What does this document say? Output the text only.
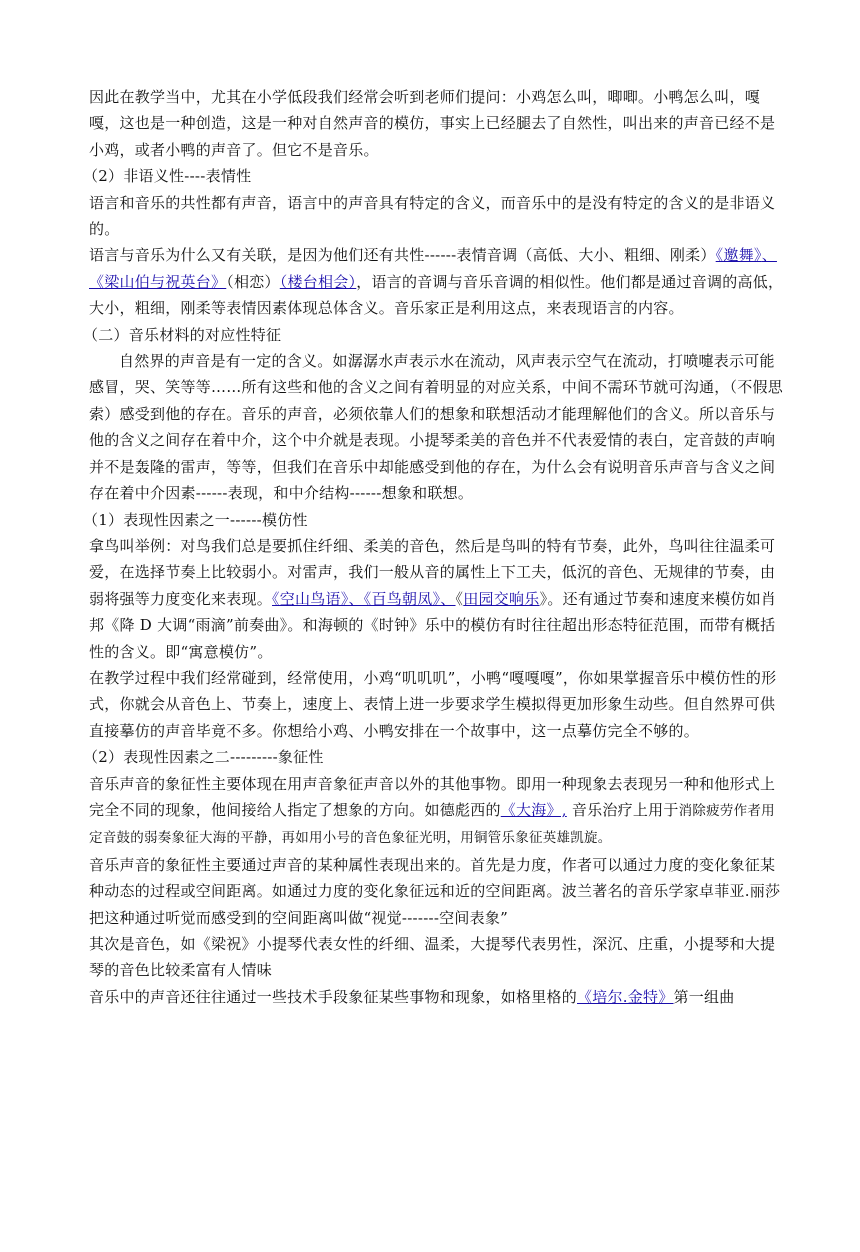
因此在教学当中，尤其在小学低段我们经常会听到老师们提问：小鸡怎么叫，唧唧。小鸭怎么叫，嘎嘎，这也是一种创造，这是一种对自然声音的模仿，事实上已经腿去了自然性，叫出来的声音已经不是小鸡，或者小鸭的声音了。但它不是音乐。

（2）非语义性----表情性

语言和音乐的共性都有声音，语言中的声音具有特定的含义，而音乐中的是没有特定的含义的是非语义的。

语言与音乐为什么又有关联，是因为他们还有共性------表情音调（高低、大小、粗细、刚柔）《邀舞》、《梁山伯与祝英台》（相恋）（楼台相会），语言的音调与音乐音调的相似性。他们都是通过音调的高低，大小，粗细，刚柔等表情因素体现总体含义。音乐家正是利用这点，来表现语言的内容。

（二）音乐材料的对应性特征

自然界的声音是有一定的含义。如潺潺水声表示水在流动，风声表示空气在流动，打喷嚏表示可能感冒，哭、笑等等……所有这些和他的含义之间有着明显的对应关系，中间不需环节就可沟通，（不假思索）感受到他的存在。音乐的声音，必须依靠人们的想象和联想活动才能理解他们的含义。所以音乐与他的含义之间存在着中介，这个中介就是表现。小提琴柔美的音色并不代表爱情的表白，定音鼓的声响并不是轰隆的雷声，等等，但我们在音乐中却能感受到他的存在，为什么会有说明音乐声音与含义之间存在着中介因素------表现，和中介结构------想象和联想。

（1）表现性因素之一------模仿性

拿鸟叫举例：对鸟我们总是要抓住纤细、柔美的音色，然后是鸟叫的特有节奏，此外，鸟叫往往温柔可爱，在选择节奏上比较弱小。对雷声，我们一般从音的属性上下工夫，低沉的音色、无规律的节奏，由弱将强等力度变化来表现。《空山鸟语》、《百鸟朝凤》、《田园交响乐》。还有通过节奏和速度来模仿如肖邦《降 D 大调“雨滴”前奏曲》。和海顿的《时钟》乐中的模仿有时往往超出形态特征范围，而带有概括性的含义。即“寓意模仿”。

在教学过程中我们经常碰到，经常使用，小鸡“叽叽叽”，小鸭“嘎嘎嘎”，你如果掌握音乐中模仿性的形式，你就会从音色上、节奏上，速度上、表情上进一步要求学生模拟得更加形象生动些。但自然界可供直接摹仿的声音毕竟不多。你想给小鸡、小鸭安排在一个故事中，这一点摹仿完全不够的。

（2）表现性因素之二---------象征性

音乐声音的象征性主要体现在用声音象征声音以外的其他事物。即用一种现象去表现另一种和他形式上完全不同的现象，他间接给人指定了想象的方向。如德彪西的《大海》, 音乐治疗上用于消除疲劳作者用定音鼓的弱奏象征大海的平静，再如用小号的音色象征光明，用铜管乐象征英雄凯旋。

音乐声音的象征性主要通过声音的某种属性表现出来的。首先是力度，作者可以通过力度的变化象征某种动态的过程或空间距离。如通过力度的变化象征远和近的空间距离。波兰著名的音乐学家卓菲亚.丽莎把这种通过听觉而感受到的空间距离叫做“视觉-------空间表象”

其次是音色，如《梁祝》小提琴代表女性的纤细、温柔，大提琴代表男性，深沉、庄重，小提琴和大提琴的音色比较柔富有人情味

音乐中的声音还往往通过一些技术手段象征某些事物和现象，如格里格的《培尔.金特》第一组曲
